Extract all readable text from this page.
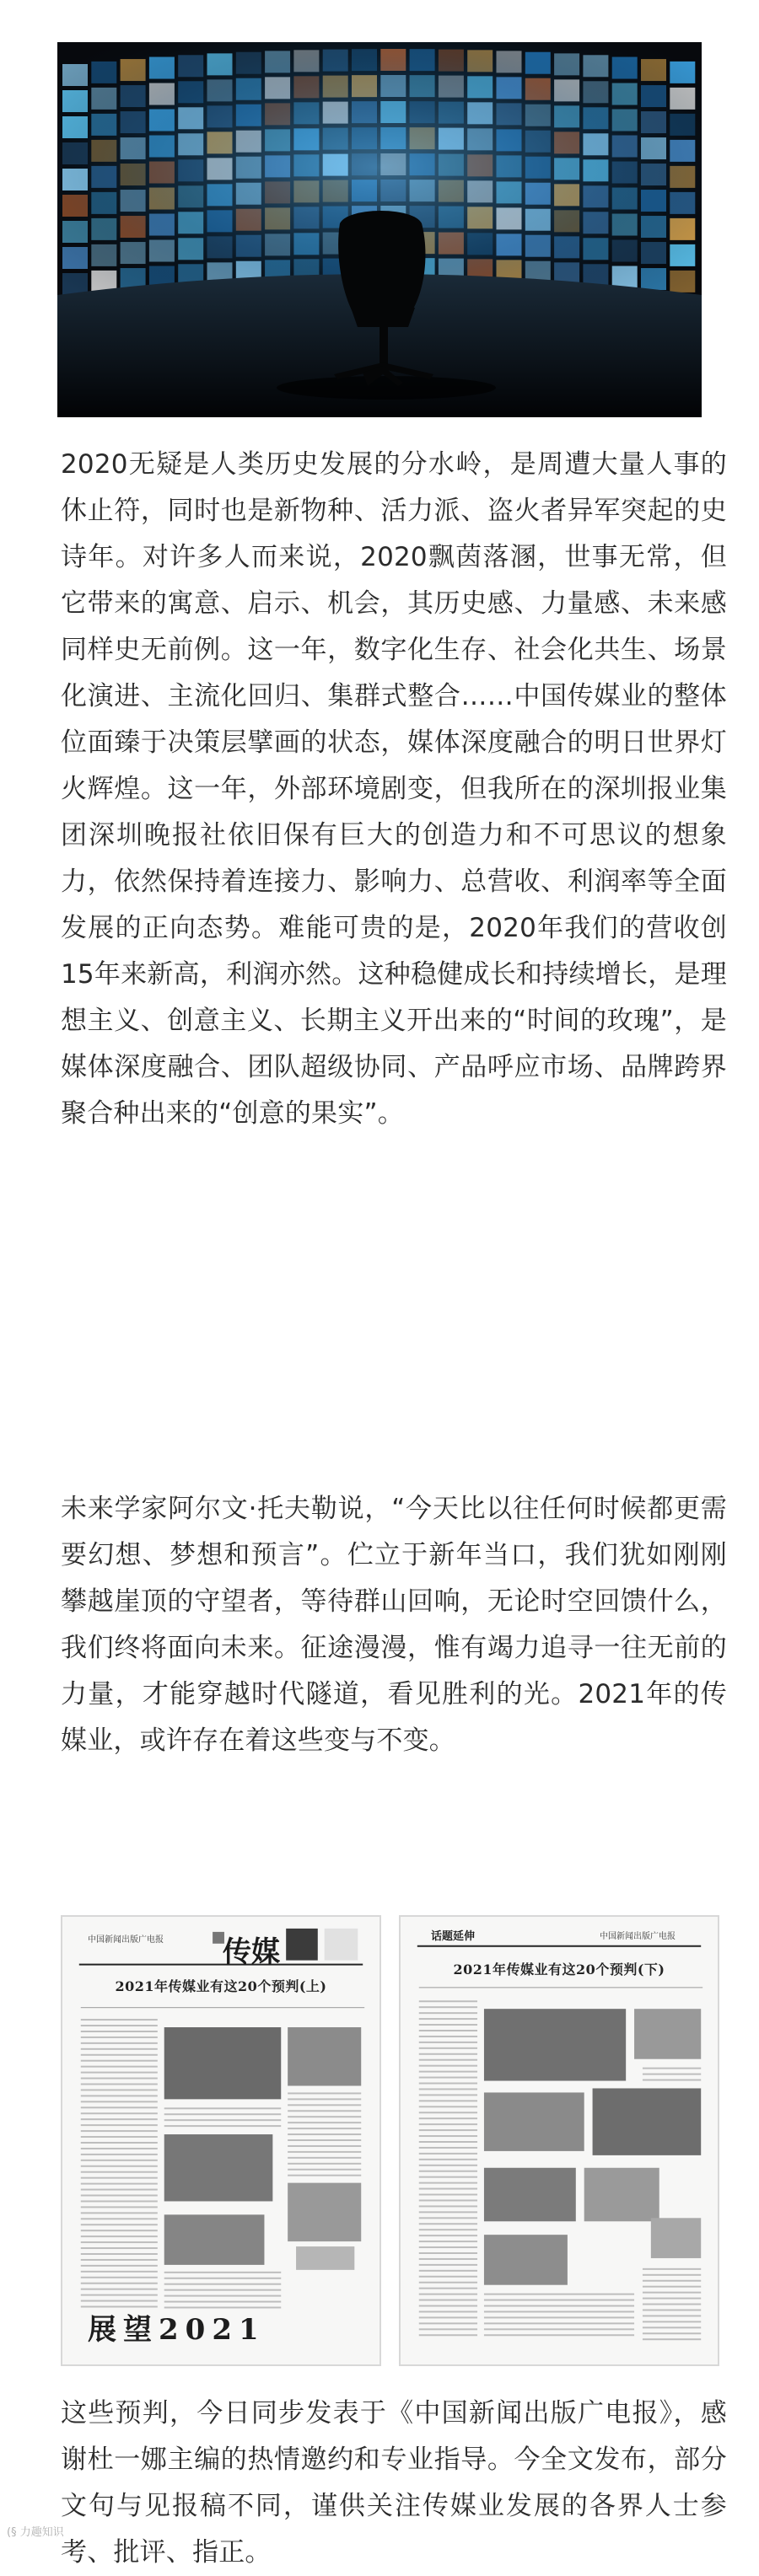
2020无疑是人类历史发展的分水岭，是周遭大量人事的休止符，同时也是新物种、活力派、盗火者异军突起的史诗年。对许多人而来说，2020飘茵落溷，世事无常，但它带来的寓意、启示、机会，其历史感、力量感、未来感同样史无前例。这一年，数字化生存、社会化共生、场景化演进、主流化回归、集群式整合……中国传媒业的整体位面臻于决策层擘画的状态，媒体深度融合的明日世界灯火辉煌。这一年，外部环境剧变，但我所在的深圳报业集团深圳晚报社依旧保有巨大的创造力和不可思议的想象力，依然保持着连接力、影响力、总营收、利润率等全面发展的正向态势。难能可贵的是，2020年我们的营收创15年来新高，利润亦然。这种稳健成长和持续增长，是理想主义、创意主义、长期主义开出来的“时间的玫瑰”，是媒体深度融合、团队超级协同、产品呼应市场、品牌跨界聚合种出来的“创意的果实”。

未来学家阿尔文·托夫勒说，“今天比以往任何时候都更需要幻想、梦想和预言”。伫立于新年当口，我们犹如刚刚攀越崖顶的守望者，等待群山回响，无论时空回馈什么，我们终将面向未来。征途漫漫，惟有竭力追寻一往无前的力量，才能穿越时代隧道，看见胜利的光。2021年的传媒业，或许存在着这些变与不变。

中国新闻出版广电报 传媒
2021年传媒业有这20个预判(上)
展望2021
话题延伸	中国新闻出版广电报
2021年传媒业有这20个预判(下)

这些预判，今日同步发表于《中国新闻出版广电报》，感谢杜一娜主编的热情邀约和专业指导。今全文发布，部分文句与见报稿不同，谨供关注传媒业发展的各界人士参考、批评、指正。

(§ 力趣知识
